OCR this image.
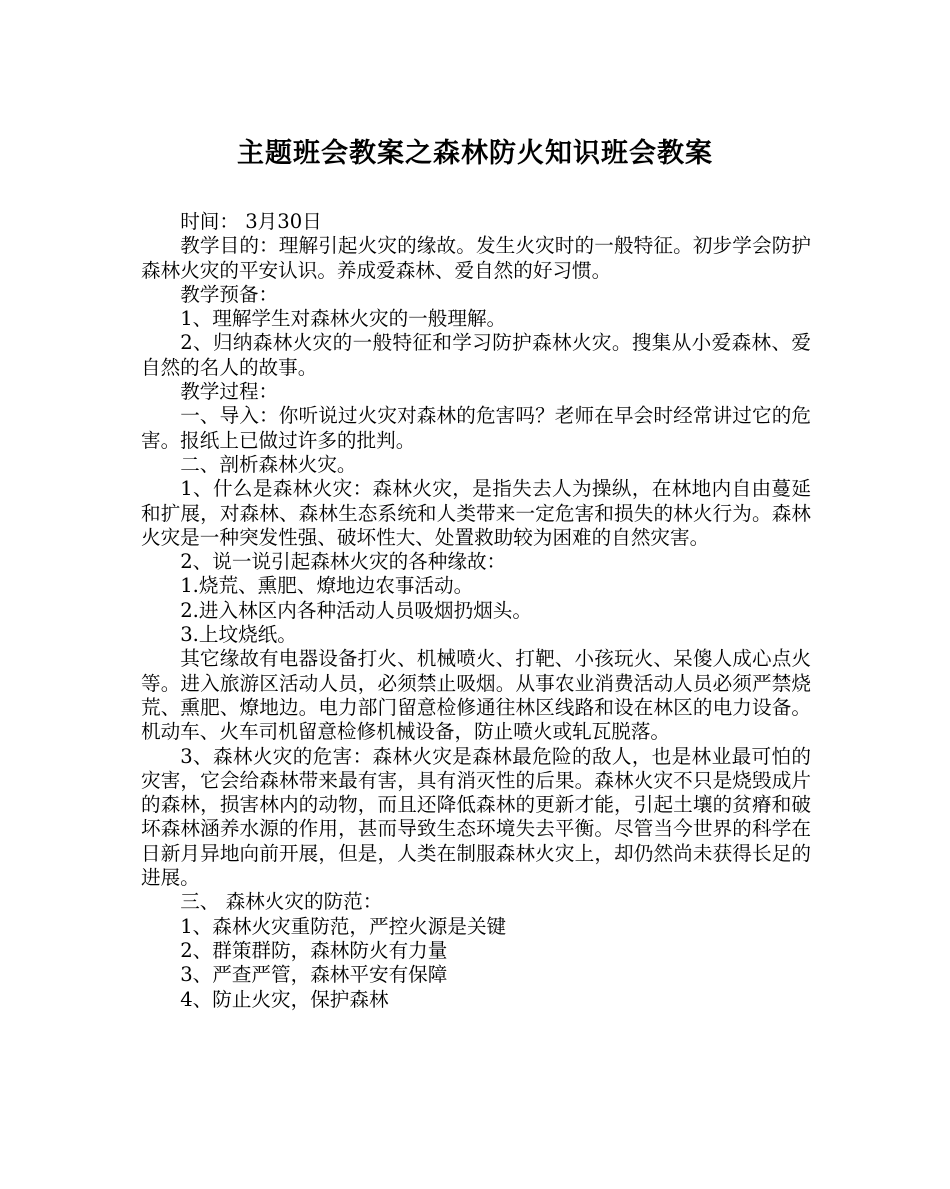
主题班会教案之森林防火知识班会教案

时间： 3月30日

教学目的：理解引起火灾的缘故。发生火灾时的一般特征。初步学会防护森林火灾的平安认识。养成爱森林、爱自然的好习惯。

教学预备：

1、理解学生对森林火灾的一般理解。

2、归纳森林火灾的一般特征和学习防护森林火灾。搜集从小爱森林、爱自然的名人的故事。

教学过程：

一、导入：你听说过火灾对森林的危害吗？老师在早会时经常讲过它的危害。报纸上已做过许多的批判。

二、剖析森林火灾。

1、什么是森林火灾：森林火灾，是指失去人为操纵，在林地内自由蔓延和扩展，对森林、森林生态系统和人类带来一定危害和损失的林火行为。森林火灾是一种突发性强、破坏性大、处置救助较为困难的自然灾害。

2、说一说引起森林火灾的各种缘故：

1.烧荒、熏肥、燎地边农事活动。

2.进入林区内各种活动人员吸烟扔烟头。

3.上坟烧纸。

其它缘故有电器设备打火、机械喷火、打靶、小孩玩火、呆傻人成心点火等。进入旅游区活动人员，必须禁止吸烟。从事农业消费活动人员必须严禁烧荒、熏肥、燎地边。电力部门留意检修通往林区线路和设在林区的电力设备。机动车、火车司机留意检修机械设备，防止喷火或轧瓦脱落。

3、森林火灾的危害：森林火灾是森林最危险的敌人，也是林业最可怕的灾害，它会给森林带来最有害，具有消灭性的后果。森林火灾不只是烧毁成片的森林，损害林内的动物，而且还降低森林的更新才能，引起土壤的贫瘠和破坏森林涵养水源的作用，甚而导致生态环境失去平衡。尽管当今世界的科学在日新月异地向前开展，但是，人类在制服森林火灾上，却仍然尚未获得长足的进展。

三、 森林火灾的防范：

1、森林火灾重防范，严控火源是关键

2、群策群防，森林防火有力量

3、严查严管，森林平安有保障

4、防止火灾，保护森林
